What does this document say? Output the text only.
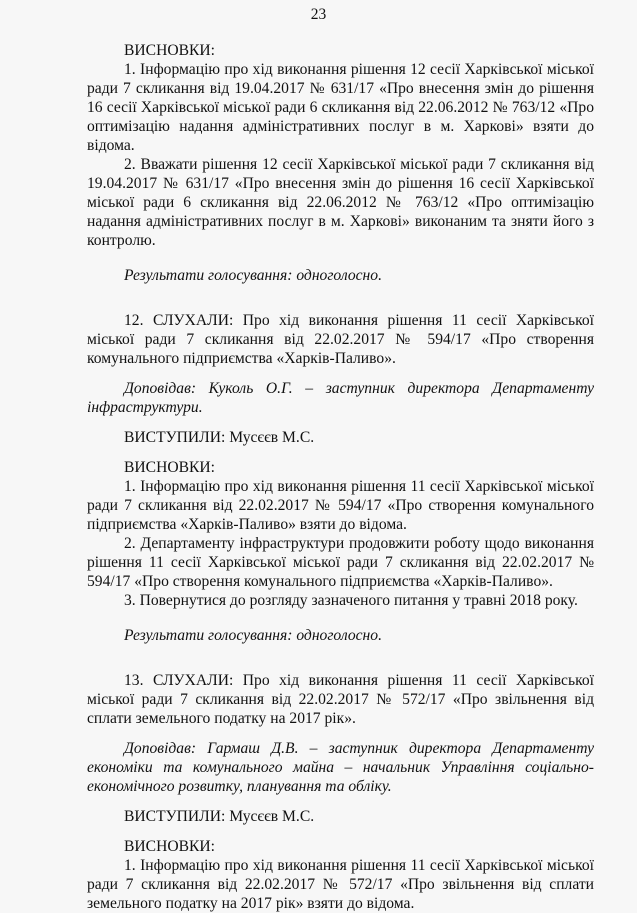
23

ВИСНОВКИ:

1. Інформацію про хід виконання рішення 12 сесії Харківської міської ради 7 скликання від 19.04.2017 № 631/17 «Про внесення змін до рішення 16 сесії Харківської міської ради 6 скликання від 22.06.2012 № 763/12 «Про оптимізацію надання адміністративних послуг в м. Харкові» взяти до відома.

2. Вважати рішення 12 сесії Харківської міської ради 7 скликання від 19.04.2017 № 631/17 «Про внесення змін до рішення 16 сесії Харківської міської ради 6 скликання від 22.06.2012 № 763/12 «Про оптимізацію надання адміністративних послуг в м. Харкові» виконаним та зняти його з контролю.

Результати голосування: одноголосно.

12. СЛУХАЛИ: Про хід виконання рішення 11 сесії Харківської міської ради 7 скликання від 22.02.2017 № 594/17 «Про створення комунального підприємства «Харків-Паливо».

Доповідав: Куколь О.Г. – заступник директора Департаменту інфраструктури.

ВИСТУПИЛИ: Мусєєв М.С.

ВИСНОВКИ:

1. Інформацію про хід виконання рішення 11 сесії Харківської міської ради 7 скликання від 22.02.2017 № 594/17 «Про створення комунального підприємства «Харків-Паливо» взяти до відома.

2. Департаменту інфраструктури продовжити роботу щодо виконання рішення 11 сесії Харківської міської ради 7 скликання від 22.02.2017 № 594/17 «Про створення комунального підприємства «Харків-Паливо».

3. Повернутися до розгляду зазначеного питання у травні 2018 року.

Результати голосування: одноголосно.

13. СЛУХАЛИ: Про хід виконання рішення 11 сесії Харківської міської ради 7 скликання від 22.02.2017 № 572/17 «Про звільнення від сплати земельного податку на 2017 рік».

Доповідав: Гармаш Д.В. – заступник директора Департаменту економіки та комунального майна – начальник Управління соціально-економічного розвитку, планування та обліку.

ВИСТУПИЛИ: Мусєєв М.С.

ВИСНОВКИ:

1. Інформацію про хід виконання рішення 11 сесії Харківської міської ради 7 скликання від 22.02.2017 № 572/17 «Про звільнення від сплати земельного податку на 2017 рік» взяти до відома.
